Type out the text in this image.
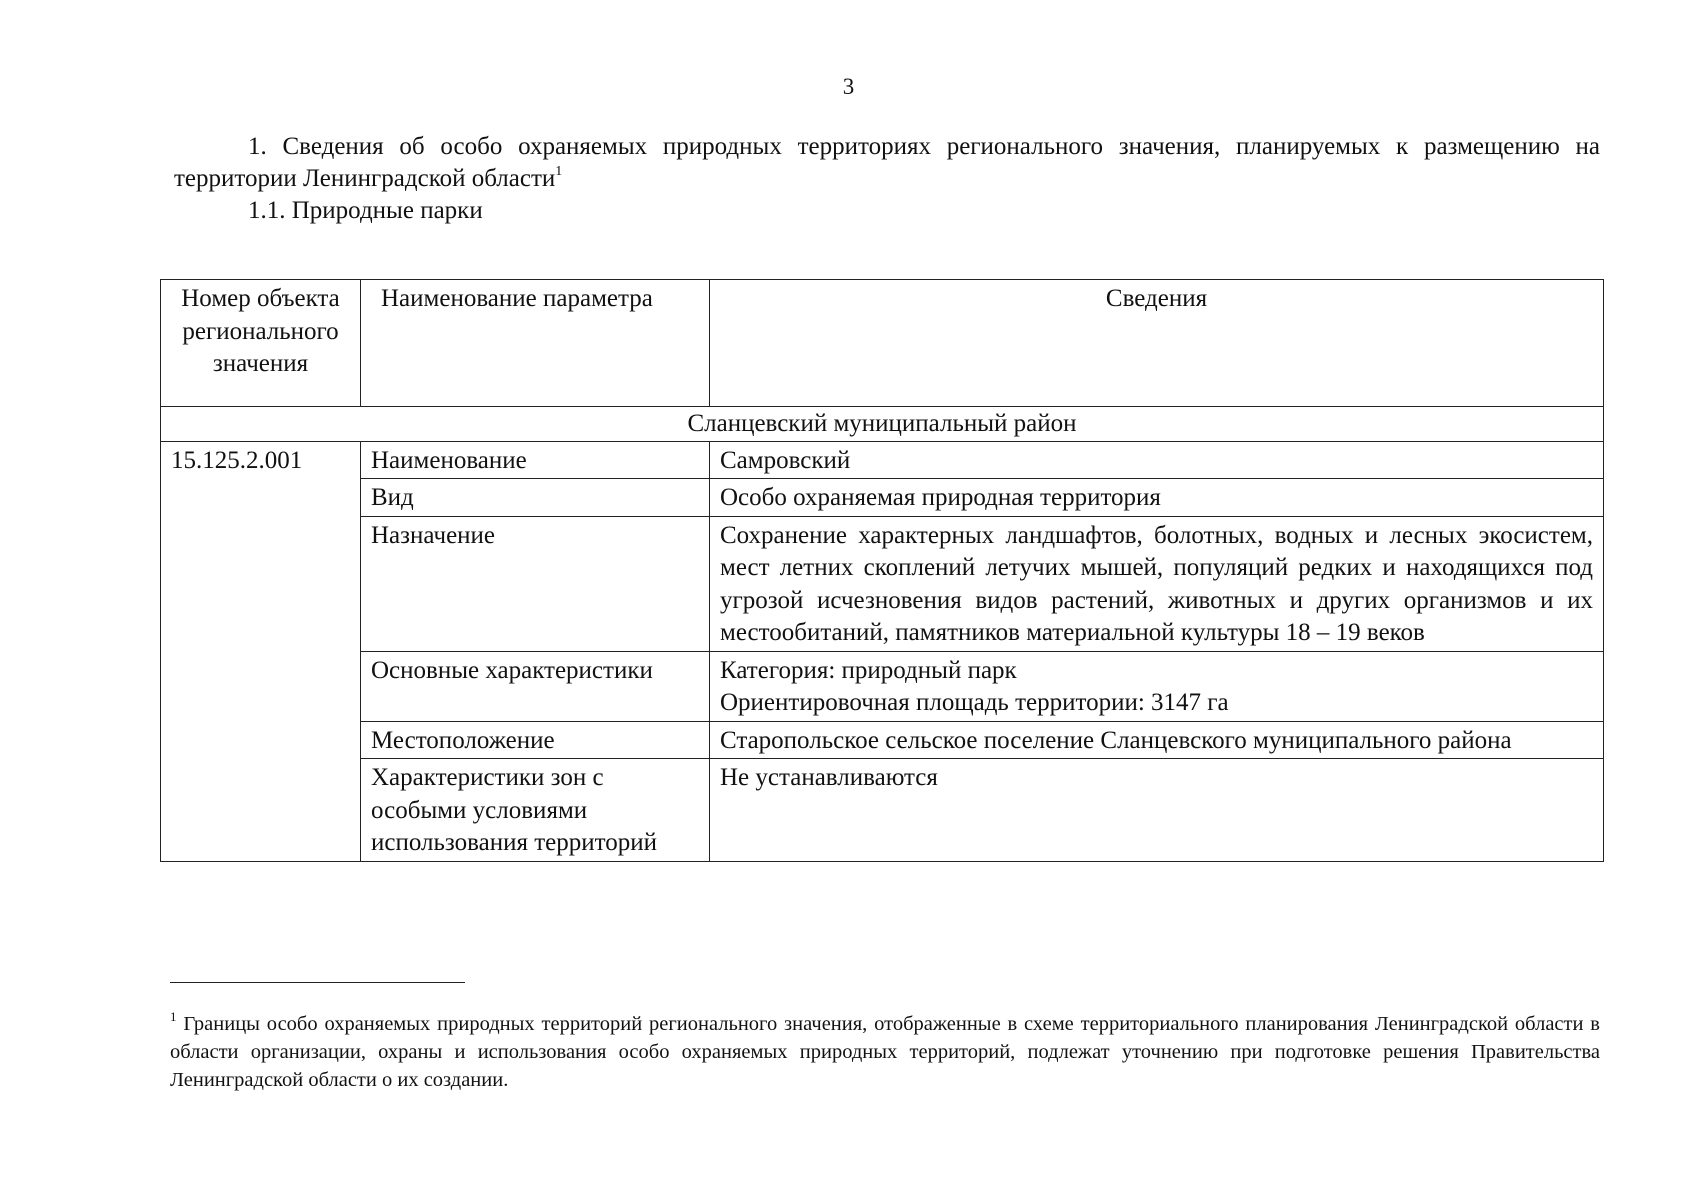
3

1. Сведения об особо охраняемых природных территориях регионального значения, планируемых к размещению на территории Ленинградской области$^1$

1.1. Природные парки

Номер объекта регионального значения	Наименование параметра	Сведения
Сланцевский муниципальный район		
15.125.2.001	Наименование	Самровский
	Вид	Особо охраняемая природная территория
	Назначение	Сохранение характерных ландшафтов, болотных, водных и лесных экосистем, мест летних скоплений летучих мышей, популяций редких и находящихся под угрозой исчезновения видов растений, животных и других организмов и их местообитаний, памятников материальной культуры 18 – 19 веков
	Основные характеристики	Категория: природный парк
Ориентировочная площадь территории: 3147 га

	Местоположение	Старопольское сельское поселение Сланцевского муниципального района
	Характеристики зон с особыми условиями использования территорий	Не устанавливаются
$^1$ Границы особо охраняемых природных территорий регионального значения, отображенные в схеме территориального планирования Ленинградской области в области организации, охраны и использования особо охраняемых природных территорий, подлежат уточнению при подготовке решения Правительства Ленинградской области о их создании.
